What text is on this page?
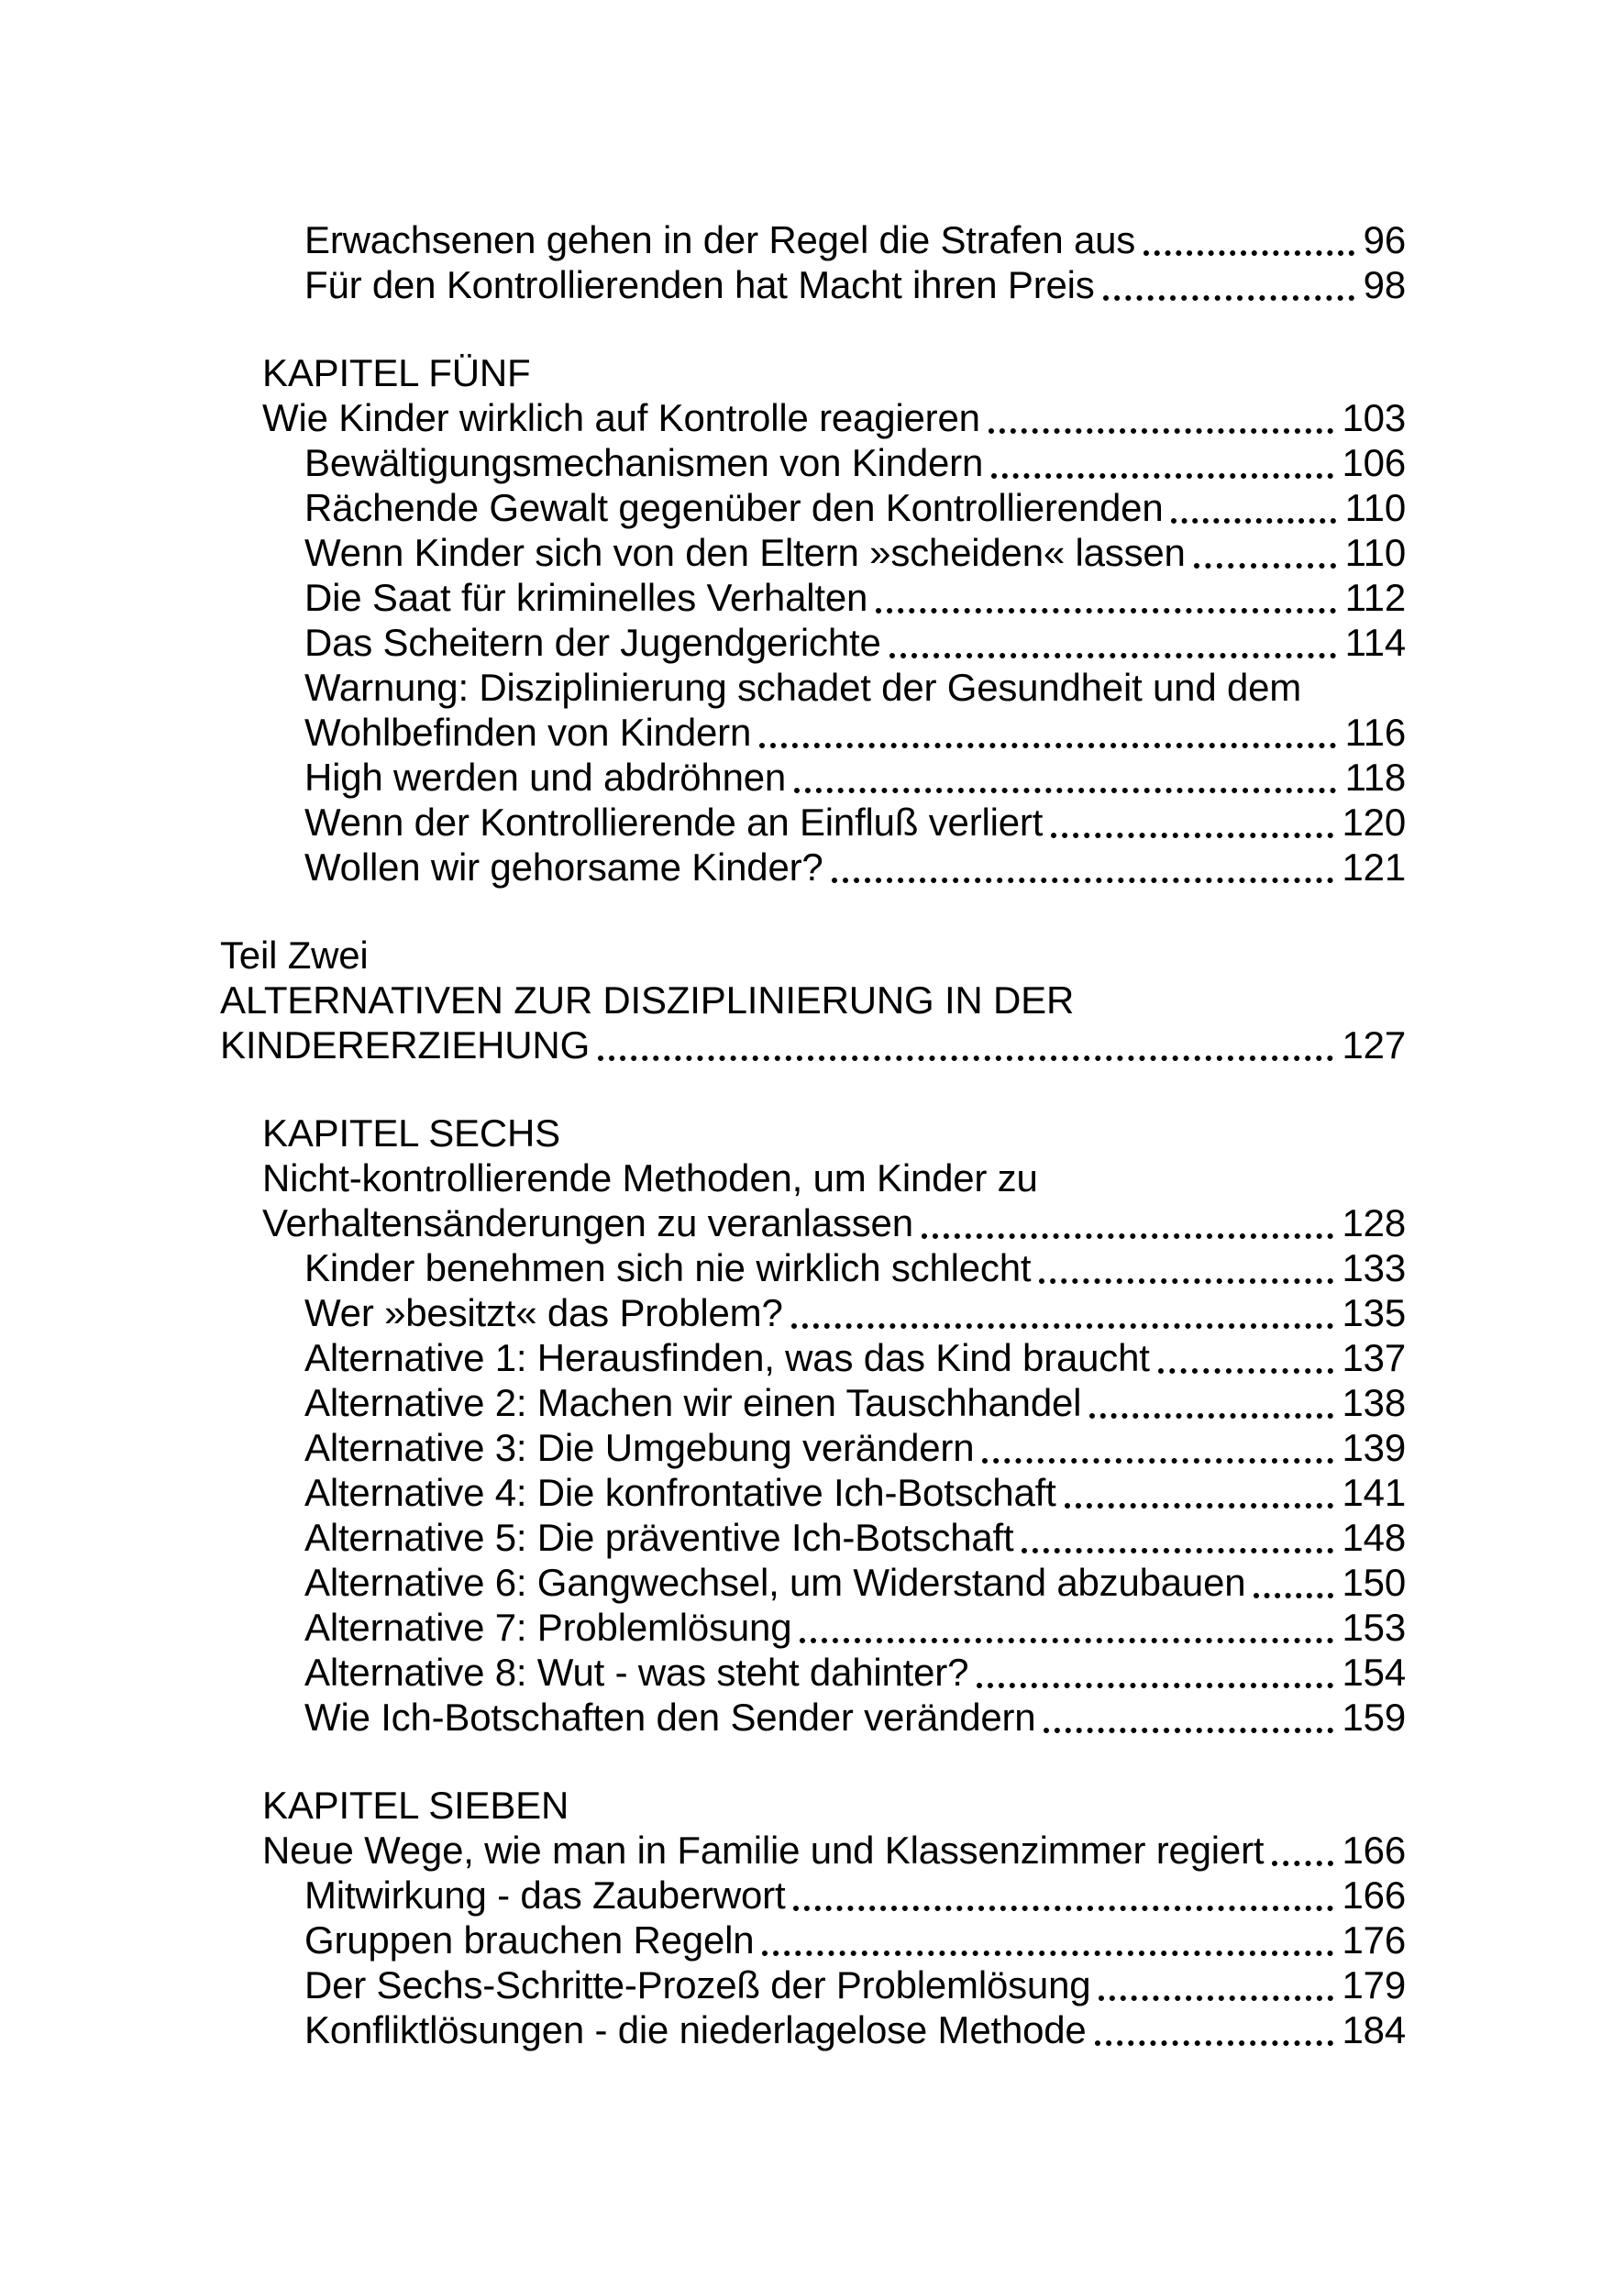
Erwachsenen gehen in der Regel die Strafen aus	96
Für den Kontrollierenden hat Macht ihren Preis	98
KAPITEL FÜNF
Wie Kinder wirklich auf Kontrolle reagieren	103
Bewältigungsmechanismen von Kindern	106
Rächende Gewalt gegenüber den Kontrollierenden	110
Wenn Kinder sich von den Eltern »scheiden« lassen	110
Die Saat für kriminelles Verhalten	112
Das Scheitern der Jugendgerichte	114
Warnung: Disziplinierung schadet der Gesundheit und dem
Wohlbefinden von Kindern	116
High werden und abdröhnen	118
Wenn der Kontrollierende an Einfluß verliert	120
Wollen wir gehorsame Kinder?	121
Teil Zwei
ALTERNATIVEN ZUR DISZIPLINIERUNG IN DER
KINDERERZIEHUNG	127
KAPITEL SECHS
Nicht-kontrollierende Methoden, um Kinder zu
Verhaltensänderungen zu veranlassen	128
Kinder benehmen sich nie wirklich schlecht	133
Wer »besitzt« das Problem?	135
Alternative 1: Herausfinden, was das Kind braucht	137
Alternative 2: Machen wir einen Tauschhandel	138
Alternative 3: Die Umgebung verändern	139
Alternative 4: Die konfrontative Ich-Botschaft	141
Alternative 5: Die präventive Ich-Botschaft	148
Alternative 6: Gangwechsel, um Widerstand abzubauen	150
Alternative 7: Problemlösung	153
Alternative 8: Wut - was steht dahinter?	154
Wie Ich-Botschaften den Sender verändern	159
KAPITEL SIEBEN
Neue Wege, wie man in Familie und Klassenzimmer regiert 166
Mitwirkung - das Zauberwort	166
Gruppen brauchen Regeln	176
Der Sechs-Schritte-Prozeß der Problemlösung	179
Konfliktlösungen - die niederlagelose Methode	184
